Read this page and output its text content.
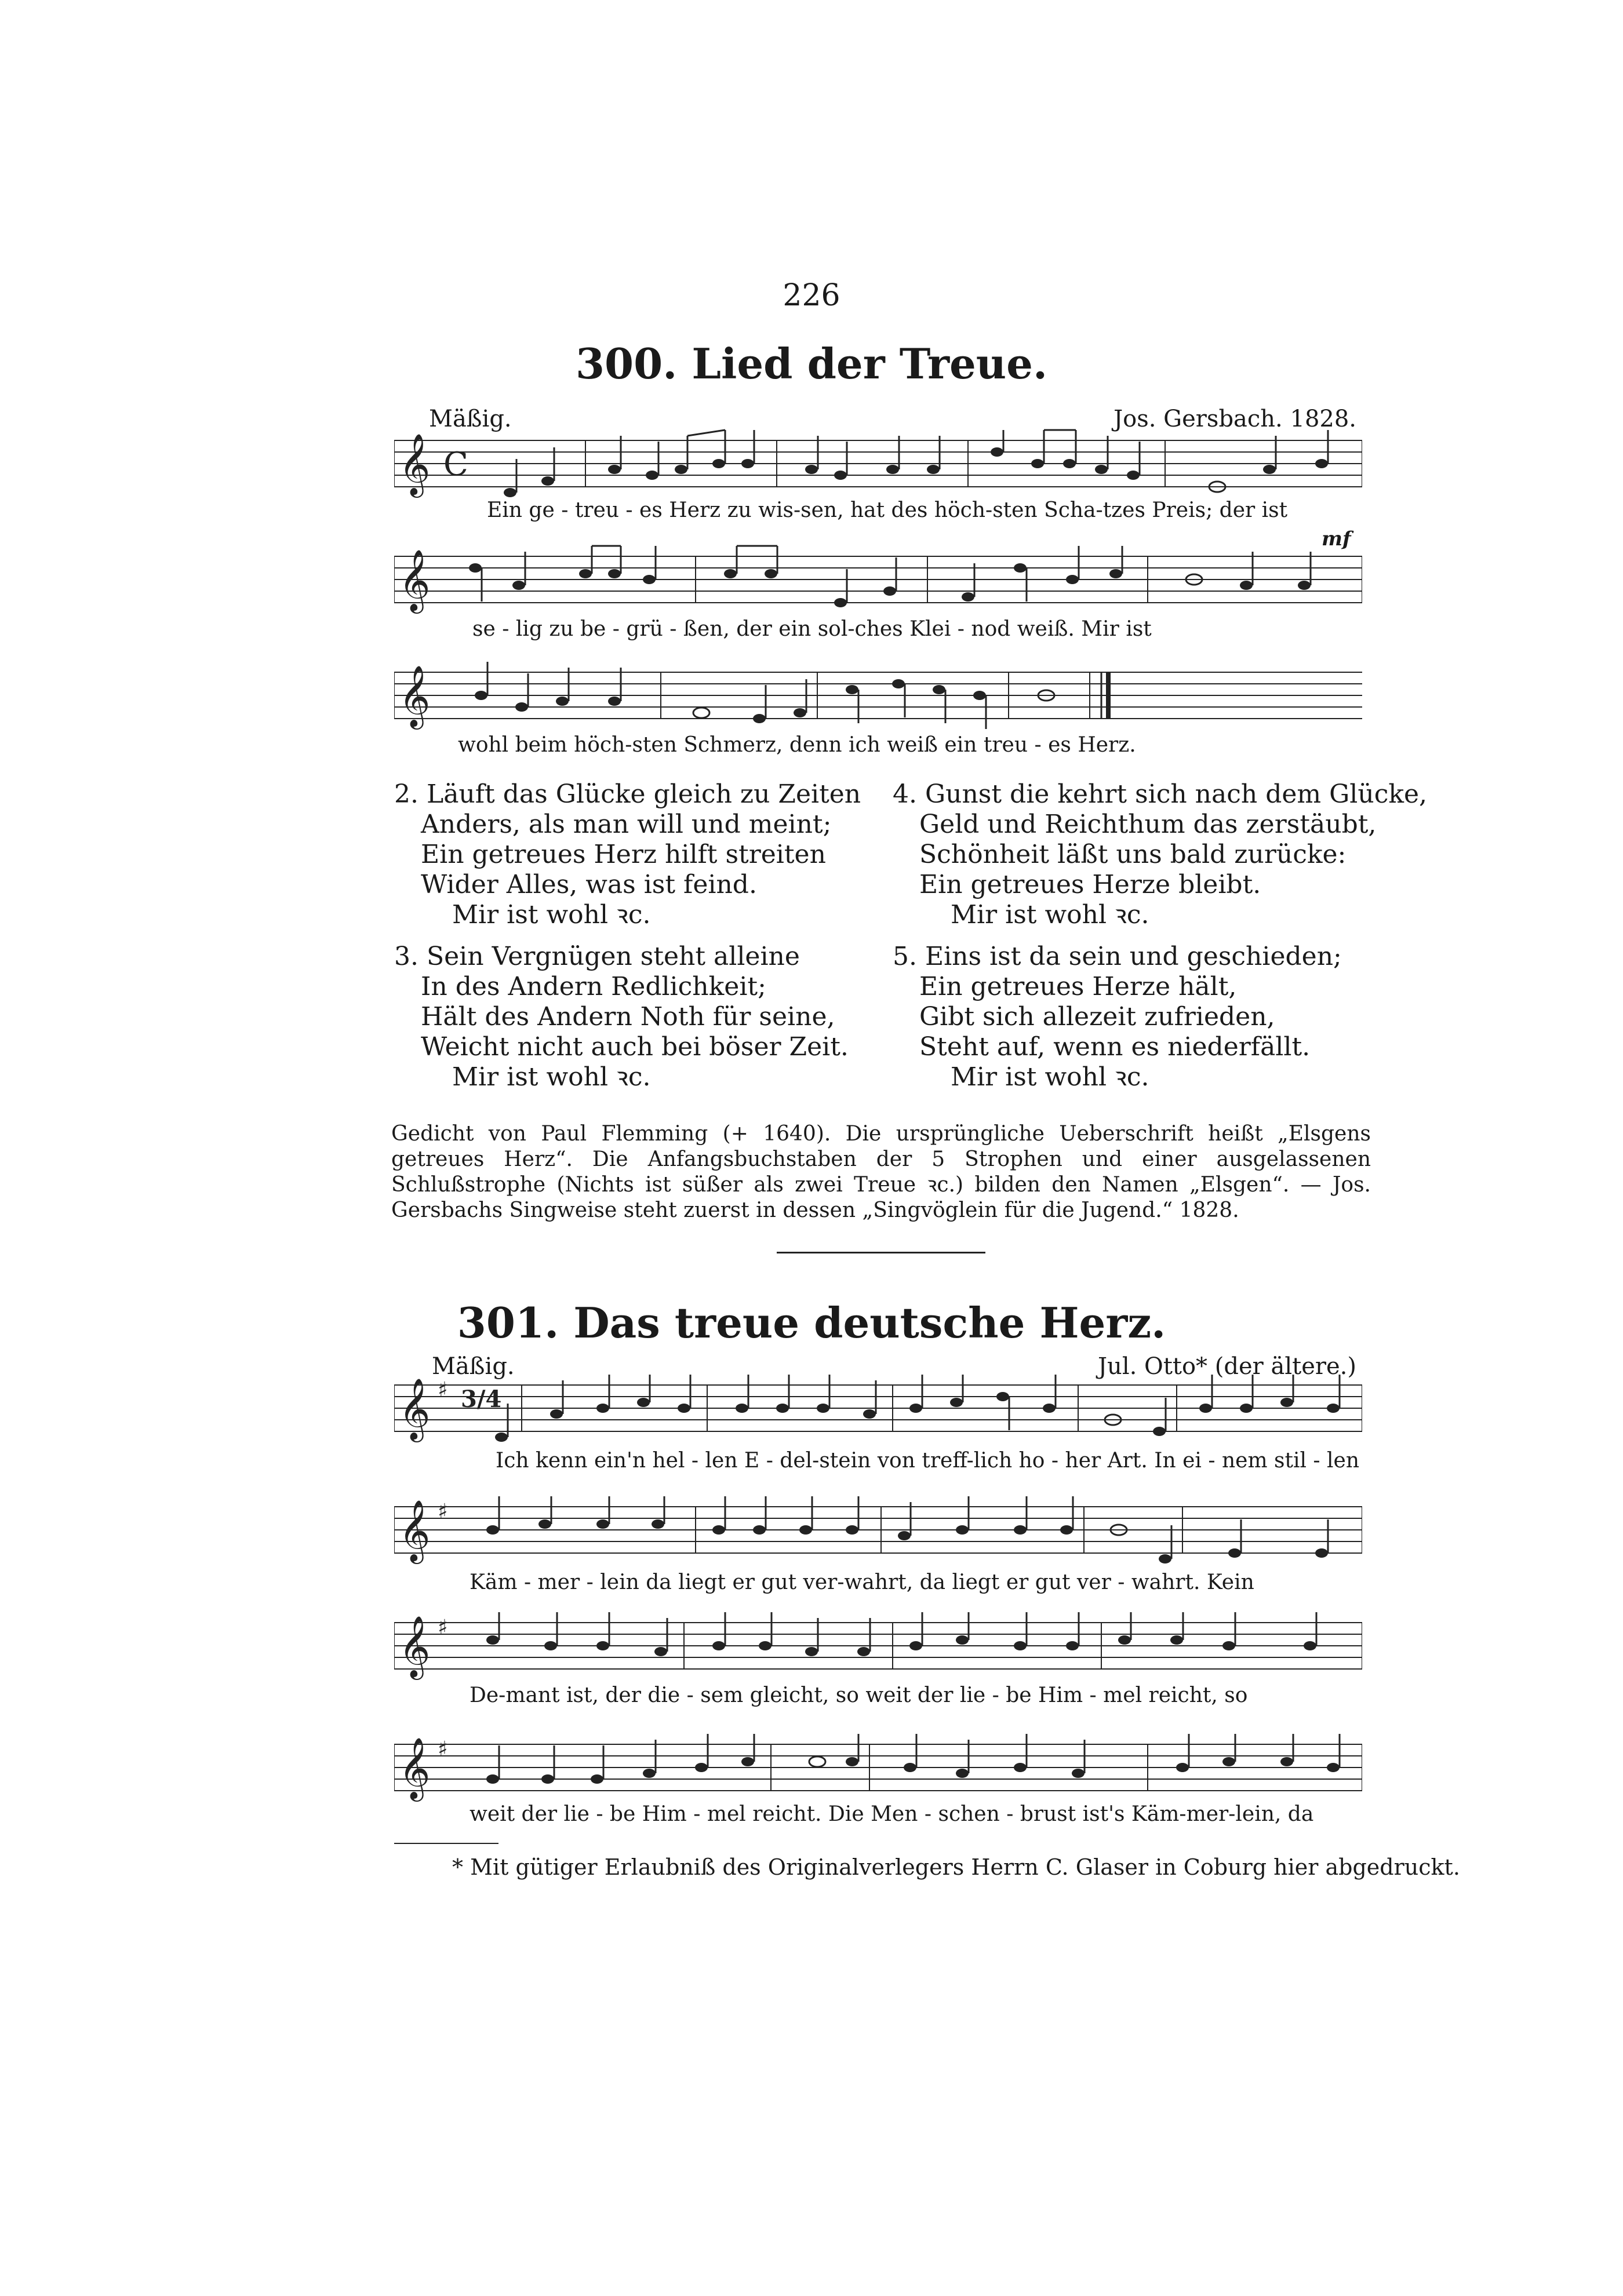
226
300. Lied der Treue.
Mäßig.	Jos. Gersbach. 1828.
𝄞 C
Ein ge - treu - es Herz zu wis-sen, hat des höch-sten Scha-tzes Preis; der ist
mf
𝄞
se - lig zu be - grü - ßen, der ein sol-ches Klei - nod weiß. Mir ist
𝄞
wohl beim höch-sten Schmerz, denn ich weiß ein treu - es Herz.
2. Läuft das Glücke gleich zu Zeiten
Anders, als man will und meint;
Ein getreues Herz hilft streiten
Wider Alles, was ist feind.
Mir ist wohl ꝛc.
3. Sein Vergnügen steht alleine
In des Andern Redlichkeit;
Hält des Andern Noth für seine,
Weicht nicht auch bei böser Zeit.
Mir ist wohl ꝛc.
4. Gunst die kehrt sich nach dem Glücke,
Geld und Reichthum das zerstäubt,
Schönheit läßt uns bald zurücke:
Ein getreues Herze bleibt.
Mir ist wohl ꝛc.
5. Eins ist da sein und geschieden;
Ein getreues Herze hält,
Gibt sich allezeit zufrieden,
Steht auf, wenn es niederfällt.
Mir ist wohl ꝛc.
Gedicht von Paul Flemming (+ 1640). Die ursprüngliche Ueberschrift heißt „Elsgens getreues Herz“. Die Anfangsbuchstaben der 5 Strophen und einer ausgelassenen Schlußstrophe (Nichts ist süßer als zwei Treue ꝛc.) bilden den Namen „Elsgen“. — Jos. Gersbachs Singweise steht zuerst in dessen „Singvöglein für die Jugend.“ 1828.
301. Das treue deutsche Herz.
Mäßig.	Jul. Otto* (der ältere.)
𝄞 ♯ 3/4
Ich kenn ein'n hel - len E - del-stein von treff-lich ho - her Art. In ei - nem stil - len
𝄞 ♯
Käm - mer - lein da liegt er gut ver-wahrt, da liegt er gut ver - wahrt. Kein
𝄞 ♯
De-mant ist, der die - sem gleicht, so weit der lie - be Him - mel reicht, so
𝄞 ♯
weit der lie - be Him - mel reicht. Die Men - schen - brust ist's Käm-mer-lein, da
* Mit gütiger Erlaubniß des Originalverlegers Herrn C. Glaser in Coburg hier abgedruckt.
